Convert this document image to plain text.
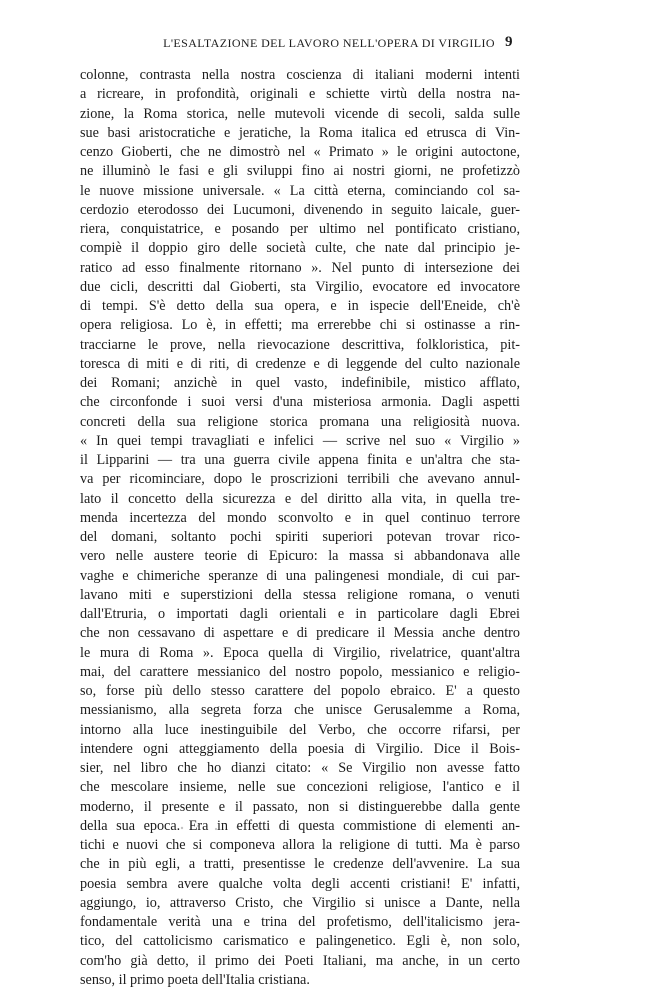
L'ESALTAZIONE DEL LAVORO NELL'OPERA DI VIRGILIO 9
colonne, contrasta nella nostra coscienza di italiani moderni intenti
a ricreare, in profondità, originali e schiette virtù della nostra na-
zione, la Roma storica, nelle mutevoli vicende di secoli, salda sulle
sue basi aristocratiche e jeratiche, la Roma italica ed etrusca di Vin-
cenzo Gioberti, che ne dimostrò nel « Primato » le origini autoctone,
ne illuminò le fasi e gli sviluppi fino ai nostri giorni, ne profetizzò
le nuove missione universale. « La città eterna, cominciando col sa-
cerdozio eterodosso dei Lucumoni, divenendo in seguito laicale, guer-
riera, conquistatrice, e posando per ultimo nel pontificato cristiano,
compiè il doppio giro delle società culte, che nate dal principio je-
ratico ad esso finalmente ritornano ». Nel punto di intersezione dei
due cicli, descritti dal Gioberti, sta Virgilio, evocatore ed invocatore
di tempi. S'è detto della sua opera, e in ispecie dell'Eneide, ch'è
opera religiosa. Lo è, in effetti; ma errerebbe chi si ostinasse a rin-
tracciarne le prove, nella rievocazione descrittiva, folkloristica, pit-
toresca di miti e di riti, di credenze e di leggende del culto nazionale
dei Romani; anzichè in quel vasto, indefinibile, mistico afflato,
che circonfonde i suoi versi d'una misteriosa armonia. Dagli aspetti
concreti della sua religione storica promana una religiosità nuova.
« In quei tempi travagliati e infelici — scrive nel suo « Virgilio »
il Lipparini — tra una guerra civile appena finita e un'altra che sta-
va per ricominciare, dopo le proscrizioni terribili che avevano annul-
lato il concetto della sicurezza e del diritto alla vita, in quella tre-
menda incertezza del mondo sconvolto e in quel continuo terrore
del domani, soltanto pochi spiriti superiori potevan trovar rico-
vero nelle austere teorie di Epicuro: la massa si abbandonava alle
vaghe e chimeriche speranze di una palingenesi mondiale, di cui par-
lavano miti e superstizioni della stessa religione romana, o venuti
dall'Etruria, o importati dagli orientali e in particolare dagli Ebrei
che non cessavano di aspettare e di predicare il Messia anche dentro
le mura di Roma ». Epoca quella di Virgilio, rivelatrice, quant'altra
mai, del carattere messianico del nostro popolo, messianico e religio-
so, forse più dello stesso carattere del popolo ebraico. E' a questo
messianismo, alla segreta forza che unisce Gerusalemme a Roma,
intorno alla luce inestinguibile del Verbo, che occorre rifarsi, per
intendere ogni atteggiamento della poesia di Virgilio. Dice il Bois-
sier, nel libro che ho dianzi citato: « Se Virgilio non avesse fatto
che mescolare insieme, nelle sue concezioni religiose, l'antico e il
moderno, il presente e il passato, non si distinguerebbe dalla gente
della sua epoca. Era in effetti di questa commistione di elementi an-
tichi e nuovi che si componeva allora la religione di tutti. Ma è parso
che in più egli, a tratti, presentisse le credenze dell'avvenire. La sua
poesia sembra avere qualche volta degli accenti cristiani! E' infatti,
aggiungo, io, attraverso Cristo, che Virgilio si unisce a Dante, nella
fondamentale verità una e trina del profetismo, dell'italicismo jera-
tico, del cattolicismo carismatico e palingenetico. Egli è, non solo,
com'ho già detto, il primo dei Poeti Italiani, ma anche, in un certo
senso, il primo poeta dell'Italia cristiana.
